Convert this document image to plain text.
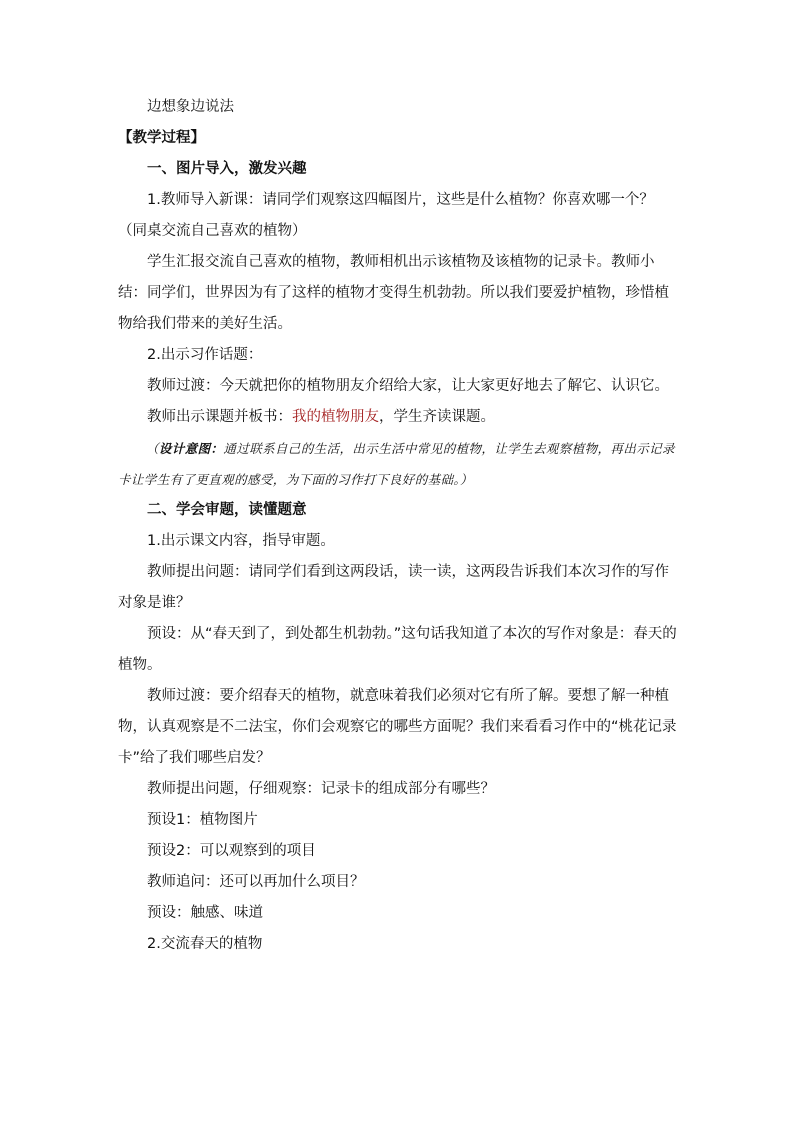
边想象边说法

【教学过程】

一、图片导入，激发兴趣

1.教师导入新课：请同学们观察这四幅图片，这些是什么植物？你喜欢哪一个？（同桌交流自己喜欢的植物）

学生汇报交流自己喜欢的植物，教师相机出示该植物及该植物的记录卡。教师小结：同学们，世界因为有了这样的植物才变得生机勃勃。所以我们要爱护植物，珍惜植物给我们带来的美好生活。

2.出示习作话题：

教师过渡：今天就把你的植物朋友介绍给大家，让大家更好地去了解它、认识它。

教师出示课题并板书：我的植物朋友，学生齐读课题。

（设计意图：通过联系自己的生活，出示生活中常见的植物，让学生去观察植物，再出示记录卡让学生有了更直观的感受，为下面的习作打下良好的基础。）

二、学会审题，读懂题意

1.出示课文内容，指导审题。

教师提出问题：请同学们看到这两段话，读一读，这两段告诉我们本次习作的写作对象是谁？

预设：从“春天到了，到处都生机勃勃。”这句话我知道了本次的写作对象是：春天的植物。

教师过渡：要介绍春天的植物，就意味着我们必须对它有所了解。要想了解一种植物，认真观察是不二法宝，你们会观察它的哪些方面呢？我们来看看习作中的“桃花记录卡”给了我们哪些启发？

教师提出问题，仔细观察：记录卡的组成部分有哪些？

预设1：植物图片

预设2：可以观察到的项目

教师追问：还可以再加什么项目？

预设：触感、味道

2.交流春天的植物
